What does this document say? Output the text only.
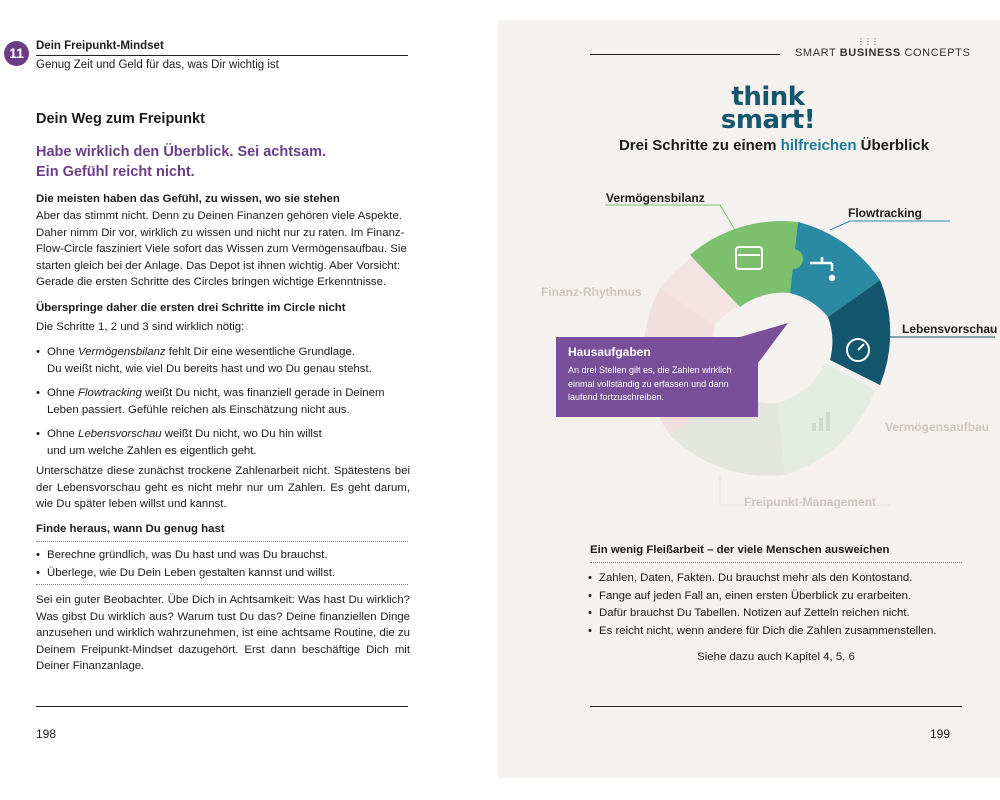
11	Dein Freipunkt-Mindset
Genug Zeit und Geld für das, was Dir wichtig ist
Dein Weg zum Freipunkt
Habe wirklich den Überblick. Sei achtsam.
Ein Gefühl reicht nicht.
Die meisten haben das Gefühl, zu wissen, wo sie stehen
Aber das stimmt nicht. Denn zu Deinen Finanzen gehören viele Aspekte. Daher nimm Dir vor, wirklich zu wissen und nicht nur zu raten. Im Finanz-Flow-Circle fasziniert Viele sofort das Wissen zum Vermögensaufbau. Sie starten gleich bei der Anlage. Das Depot ist ihnen wichtig. Aber Vorsicht: Gerade die ersten Schritte des Circles bringen wichtige Erkenntnisse.
Überspringe daher die ersten drei Schritte im Circle nicht
Die Schritte 1, 2 und 3 sind wirklich nötig:
• Ohne Vermögensbilanz fehlt Dir eine wesentliche Grundlage.
Du weißt nicht, wie viel Du bereits hast und wo Du genau stehst.
• Ohne Flowtracking weißt Du nicht, was finanziell gerade in Deinem
Leben passiert. Gefühle reichen als Einschätzung nicht aus.
• Ohne Lebensvorschau weißt Du nicht, wo Du hin willst
und um welche Zahlen es eigentlich geht.
Unterschätze diese zunächst trockene Zahlenarbeit nicht. Spätestens bei der Lebensvorschau geht es nicht mehr nur um Zahlen. Es geht darum, wie Du später leben willst und kannst.
Finde heraus, wann Du genug hast
• Berechne gründlich, was Du hast und was Du brauchst.
• Überlege, wie Du Dein Leben gestalten kannst und willst.
Sei ein guter Beobachter. Übe Dich in Achtsamkeit: Was hast Du wirklich? Was gibst Du wirklich aus? Warum tust Du das? Deine finanziellen Dinge anzusehen und wirklich wahrzunehmen, ist eine achtsame Routine, die zu Deinem Freipunkt-Mindset dazugehört. Erst dann beschäftige Dich mit Deiner Finanzanlage.
198
⋮⋮⋮
SMART BUSINESS CONCEPTS
think
smart!
Drei Schritte zu einem hilfreichen Überblick
Vermögensbilanz
Flowtracking
Lebensvorschau
Vermögensaufbau
Freipunkt-Management
Finanz-Rhythmus
Hausaufgaben
An drei Stellen gilt es, die Zahlen wirklich einmal vollständig zu erfassen und dann laufend fortzuschreiben.
Ein wenig Fleißarbeit – der viele Menschen ausweichen
• Zahlen, Daten, Fakten. Du brauchst mehr als den Kontostand.
• Fange auf jeden Fall an, einen ersten Überblick zu erarbeiten.
• Dafür brauchst Du Tabellen. Notizen auf Zetteln reichen nicht.
• Es reicht nicht, wenn andere für Dich die Zahlen zusammenstellen.
Siehe dazu auch Kapitel 4, 5, 6
199
